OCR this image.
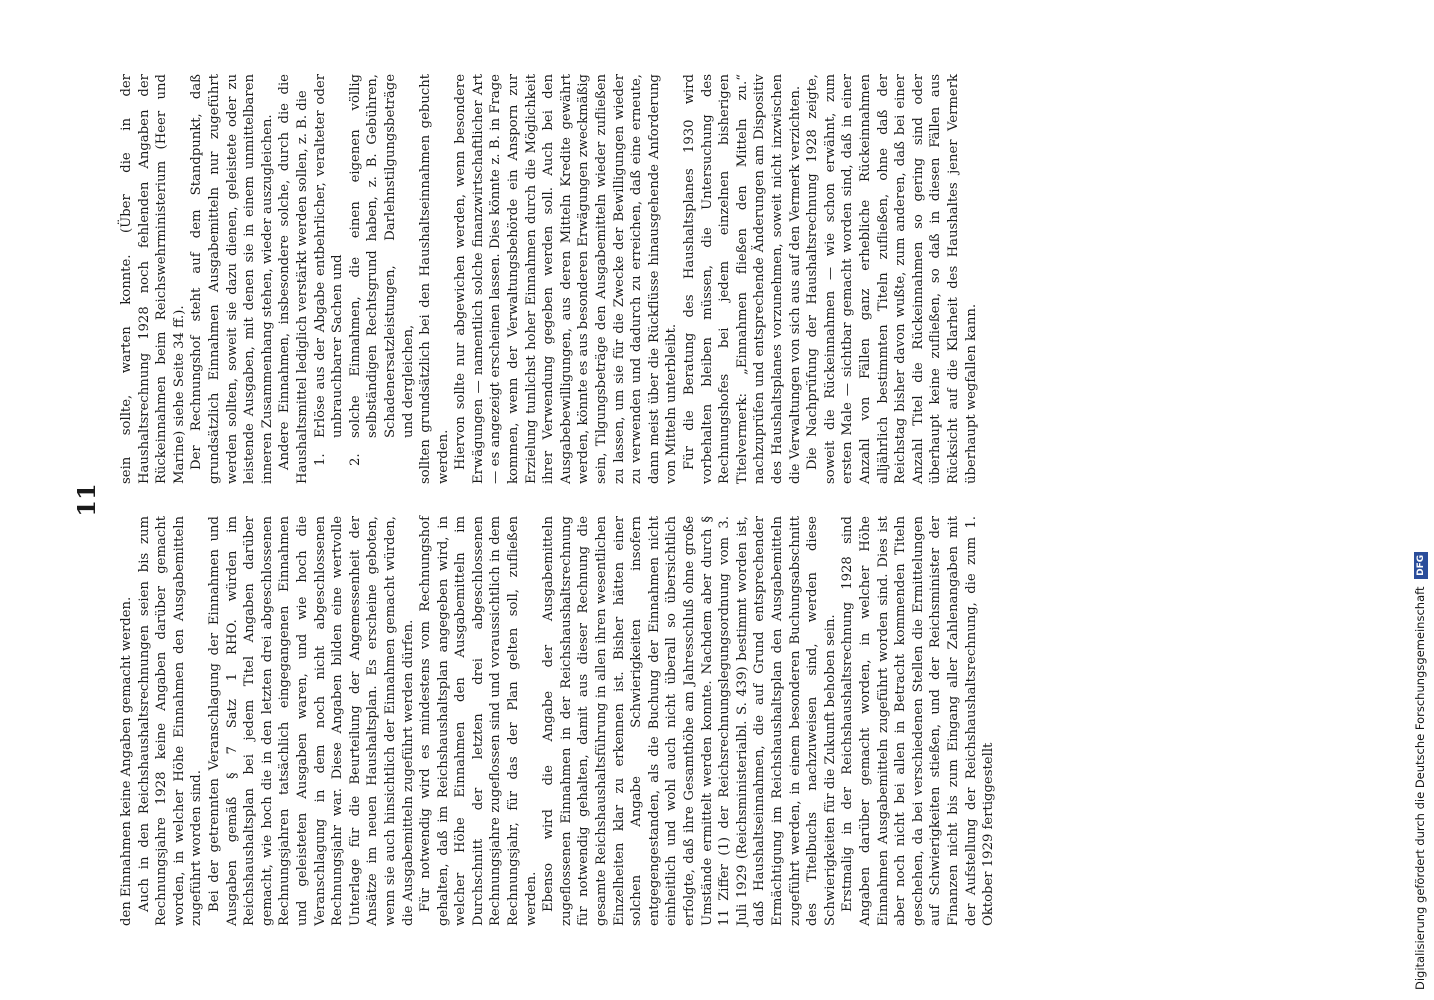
11

den Einnahmen keine Angaben gemacht werden. Auch in den Reichshaushaltsrechnungen seien bis zum Rechnungsjahre 1928 keine Angaben darüber gemacht worden, in welcher Höhe Einnahmen den Ausgabemitteln zugeführt worden sind. Bei der getrennten Veranschlagung der Einnahmen und Ausgaben gemäß § 7 Satz 1 RHO. würden im Reichshaushaltsplan bei jedem Titel Angaben darüber gemacht, wie hoch die in den letzten drei abgeschlossenen Rechnungsjahren tatsächlich eingegangenen Einnahmen und geleisteten Ausgaben waren, und wie hoch die Veranschlagung in dem noch nicht abgeschlossenen Rechnungsjahr war. Diese Angaben bilden eine wertvolle Unterlage für die Beurteilung der Angemessenheit der Ansätze im neuen Haushaltsplan. Es erscheine geboten, wenn sie auch hinsichtlich der Einnahmen gemacht würden, die Ausgabemitteln zugeführt werden dürfen. Für notwendig wird es mindestens vom Rechnungshof gehalten, daß im Reichshaushaltsplan angegeben wird, in welcher Höhe Einnahmen den Ausgabemitteln im Durchschnitt der letzten drei abgeschlossenen Rechnungsjahre zugeflossen sind und voraussichtlich in dem Rechnungsjahr, für das der Plan gelten soll, zufließen werden. Ebenso wird die Angabe der Ausgabemitteln zugeflossenen Einnahmen in der Reichshaushaltsrechnung für notwendig gehalten, damit aus dieser Rechnung die gesamte Reichshaushaltsführung in allen ihren wesentlichen Einzelheiten klar zu erkennen ist. Bisher hätten einer solchen Angabe Schwierigkeiten insofern entgegengestanden, als die Buchung der Einnahmen nicht einheitlich und wohl auch nicht überall so übersichtlich erfolgte, daß ihre Gesamthöhe am Jahresschluß ohne große Umstände ermittelt werden konnte. Nachdem aber durch § 11 Ziffer (1) der Reichsrechnungslegungsordnung vom 3. Juli 1929 (Reichsministerialbl. S. 439) bestimmt worden ist, daß Haushaltseinnahmen, die auf Grund entsprechender Ermächtigung im Reichshaushaltsplan den Ausgabemitteln zugeführt werden, in einem besonderen Buchungsabschnitt des Titelbuchs nachzuweisen sind, werden diese Schwierigkeiten für die Zukunft behoben sein. Erstmalig in der Reichshaushaltsrechnung 1928 sind Angaben darüber gemacht worden, in welcher Höhe Einnahmen Ausgabemitteln zugeführt worden sind. Dies ist aber noch nicht bei allen in Betracht kommenden Titeln geschehen, da bei verschiedenen Stellen die Ermittelungen auf Schwierigkeiten stießen, und der Reichsminister der Finanzen nicht bis zum Eingang aller Zahlenangaben mit der Aufstellung der Reichshaushaltsrechnung, die zum 1. Oktober 1929 fertiggestellt

sein sollte, warten konnte. (Über die in der Haushaltsrechnung 1928 noch fehlenden Angaben der Rückeinnahmen beim Reichswehrministerium (Heer und Marine) siehe Seite 34 ff.). Der Rechnungshof steht auf dem Standpunkt, daß grundsätzlich Einnahmen Ausgabemitteln nur zugeführt werden sollten, soweit sie dazu dienen, geleistete oder zu leistende Ausgaben, mit denen sie in einem unmittelbaren inneren Zusammenhang stehen, wieder auszugleichen. Andere Einnahmen, insbesondere solche, durch die die Haushaltsmittel lediglich verstärkt werden sollen, z. B. die 1.
Erlöse aus der Abgabe entbehrlicher, veralteter oder unbrauchbarer Sachen und
2.
solche Einnahmen, die einen eigenen völlig selbständigen Rechtsgrund haben, z. B. Gebühren, Schadenersatzleistungen, Darlehnstilgungsbeträge und dergleichen, sollten grundsätzlich bei den Haushaltseinnahmen gebucht werden. Hiervon sollte nur abgewichen werden, wenn besondere Erwägungen — namentlich solche finanzwirtschaftlicher Art — es angezeigt erscheinen lassen. Dies könnte z. B. in Frage kommen, wenn der Verwaltungsbehörde ein Ansporn zur Erzielung tunlichst hoher Einnahmen durch die Möglichkeit ihrer Verwendung gegeben werden soll. Auch bei den Ausgabebewilligungen, aus deren Mitteln Kredite gewährt werden, könnte es aus besonderen Erwägungen zweckmäßig sein, Tilgungsbeträge den Ausgabemitteln wieder zufließen zu lassen, um sie für die Zwecke der Bewilligungen wieder zu verwenden und dadurch zu erreichen, daß eine erneute, dann meist über die Rückflüsse hinausgehende Anforderung von Mitteln unterbleibt. Für die Beratung des Haushaltsplanes 1930 wird vorbehalten bleiben müssen, die Untersuchung des Rechnungshofes bei jedem einzelnen bisherigen Titelvermerk: „Einnahmen fließen den Mitteln zu.“ nachzuprüfen und entsprechende Änderungen am Dispositiv des Haushaltsplanes vorzunehmen, soweit nicht inzwischen die Verwaltungen von sich aus auf den Vermerk verzichten. Die Nachprüfung der Haushaltsrechnung 1928 zeigte, soweit die Rückeinnahmen — wie schon erwähnt, zum ersten Male — sichtbar gemacht worden sind, daß in einer Anzahl von Fällen ganz erhebliche Rückeinnahmen alljährlich bestimmten Titeln zufließen, ohne daß der Reichstag bisher davon wußte, zum anderen, daß bei einer Anzahl Titel die Rückeinnahmen so gering sind oder überhaupt keine zufließen, so daß in diesen Fällen aus Rücksicht auf die Klarheit des Haushaltes jener Vermerk überhaupt wegfallen kann.

Digitalisierung gefördert durch die Deutsche Forschungsgemeinschaft DFG
